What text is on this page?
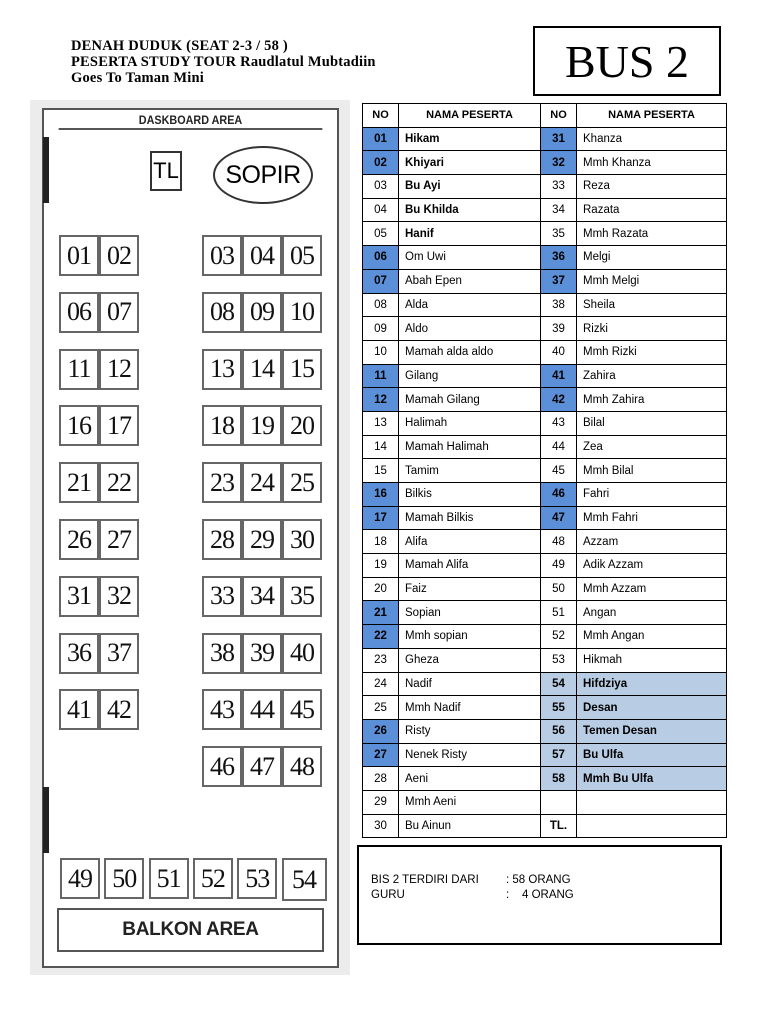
DENAH DUDUK (SEAT 2-3 / 58 )
PESERTA STUDY TOUR Raudlatul Mubtadiin
Goes To Taman Mini	BUS 2
DASKBOARD AREA
TL SOPIR
01 02	03 04 05
06 07	08 09 10
11 12	13 14 15
16 17	18 19 20
21 22	23 24 25
26 27	28 29 30
31 32	33 34 35
36 37	38 39 40
41 42	43 44 45
46 47 48
49 50 51 52 53 54
BALKON AREA
NO	NAMA PESERTA	NO	NAMA PESERTA
01	Hikam	31	Khanza
02	Khiyari	32	Mmh Khanza
03	Bu Ayi	33	Reza
04	Bu Khilda	34	Razata
05	Hanif	35	Mmh Razata
06	Om Uwi	36	Melgi
07	Abah Epen	37	Mmh Melgi
08	Alda	38	Sheila
09	Aldo	39	Rizki
10	Mamah alda aldo	40	Mmh Rizki
11	Gilang	41	Zahira
12	Mamah Gilang	42	Mmh Zahira
13	Halimah	43	Bilal
14	Mamah Halimah	44	Zea
15	Tamim	45	Mmh Bilal
16	Bilkis	46	Fahri
17	Mamah Bilkis	47	Mmh Fahri
18	Alifa	48	Azzam
19	Mamah Alifa	49	Adik Azzam
20	Faiz	50	Mmh Azzam
21	Sopian	51	Angan
22	Mmh sopian	52	Mmh Angan
23	Gheza	53	Hikmah
24	Nadif	54	Hifdziya
25	Mmh Nadif	55	Desan
26	Risty	56	Temen Desan
27	Nenek Risty	57	Bu Ulfa
28	Aeni	58	Mmh Bu Ulfa
29	Mmh Aeni		
30	Bu Ainun	TL.	
BIS 2 TERDIRI DARI : 58 ORANG
GURU	:    4 ORANG
